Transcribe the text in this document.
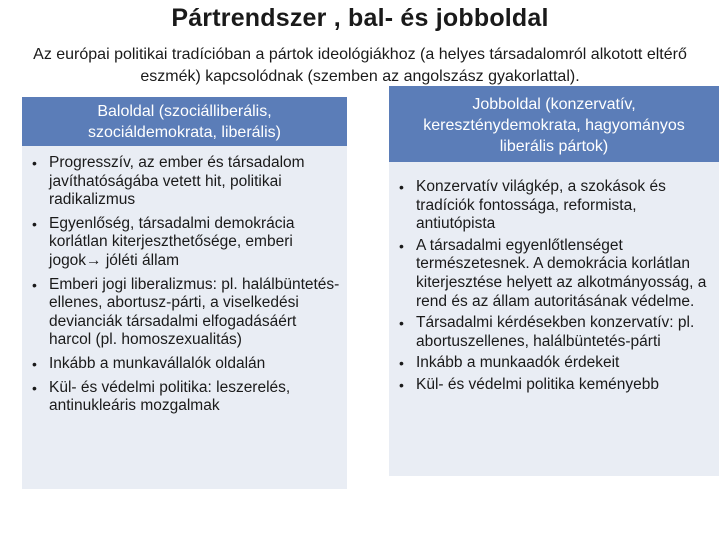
Pártrendszer , bal- és jobboldal
Az európai politikai tradícióban a pártok ideológiákhoz (a helyes társadalomról alkotott eltérő eszmék) kapcsolódnak (szemben az angolszász gyakorlattal).
Baloldal (szociálliberális,
szociáldemokrata, liberális)
• Progresszív, az ember és társadalom javíthatóságába vetett hit, politikai radikalizmus
• Egyenlőség, társadalmi demokrácia korlátlan kiterjeszthetősége, emberi jogok→ jóléti állam
• Emberi jogi liberalizmus: pl. halálbüntetés-ellenes, abortusz-párti, a viselkedési devianciák társadalmi elfogadásáért harcol (pl. homoszexualitás)
• Inkább a munkavállalók oldalán
• Kül- és védelmi politika: leszerelés, antinukleáris mozgalmak
Jobboldal (konzervatív,
kereszténydemokrata, hagyományos
liberális pártok)
• Konzervatív világkép, a szokások és tradíciók fontossága, reformista, antiutópista
• A társadalmi egyenlőtlenséget természetesnek. A demokrácia korlátlan kiterjesztése helyett az alkotmányosság, a rend és az állam autoritásának védelme.
• Társadalmi kérdésekben konzervatív: pl. abortuszellenes, halálbüntetés-párti
• Inkább a munkaadók érdekeit
• Kül- és védelmi politika keményebb
